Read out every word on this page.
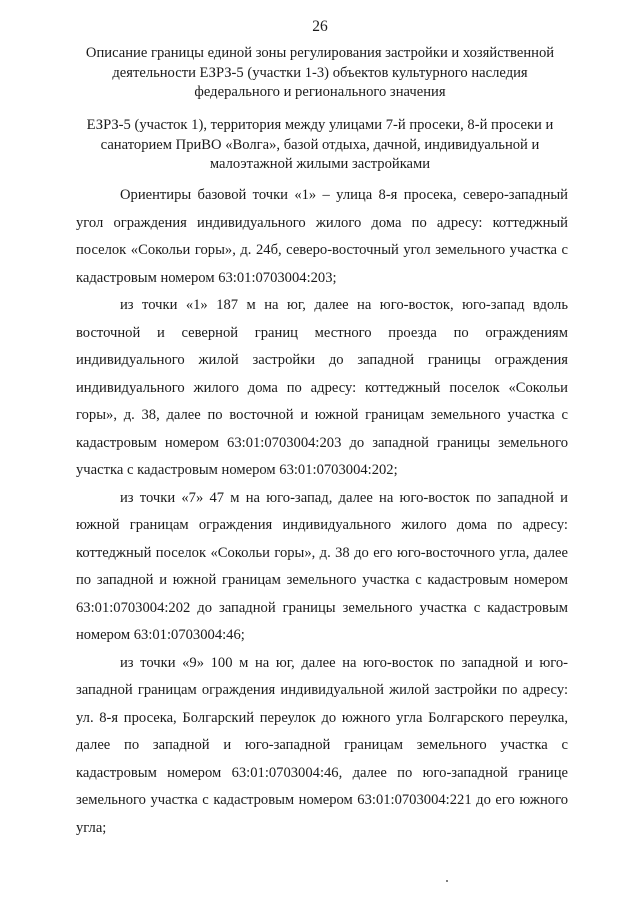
26
Описание границы единой зоны регулирования застройки и хозяйственной деятельности ЕЗРЗ-5 (участки 1-3) объектов культурного наследия федерального и регионального значения
ЕЗРЗ-5 (участок 1), территория между улицами 7-й просеки, 8-й просеки и санаторием ПриВО «Волга», базой отдыха, дачной, индивидуальной и малоэтажной жилыми застройками

Ориентиры базовой точки «1» – улица 8-я просека, северо-западный угол ограждения индивидуального жилого дома по адресу: коттеджный поселок «Сокольи горы», д. 24б, северо-восточный угол земельного участка с кадастровым номером 63:01:0703004:203;

из точки «1» 187 м на юг, далее на юго-восток, юго-запад вдоль восточной и северной границ местного проезда по ограждениям индивидуального жилой застройки до западной границы ограждения индивидуального жилого дома по адресу: коттеджный поселок «Сокольи горы», д. 38, далее по восточной и южной границам земельного участка с кадастровым номером 63:01:0703004:203 до западной границы земельного участка с кадастровым номером 63:01:0703004:202;

из точки «7» 47 м на юго-запад, далее на юго-восток по западной и южной границам ограждения индивидуального жилого дома по адресу: коттеджный поселок «Сокольи горы», д. 38 до его юго-восточного угла, далее по западной и южной границам земельного участка с кадастровым номером 63:01:0703004:202 до западной границы земельного участка с кадастровым номером 63:01:0703004:46;

из точки «9» 100 м на юг, далее на юго-восток по западной и юго-западной границам ограждения индивидуальной жилой застройки по адресу: ул. 8-я просека, Болгарский переулок до южного угла Болгарского переулка, далее по западной и юго-западной границам земельного участка с кадастровым номером 63:01:0703004:46, далее по юго-западной границе земельного участка с кадастровым номером 63:01:0703004:221 до его южного угла;
